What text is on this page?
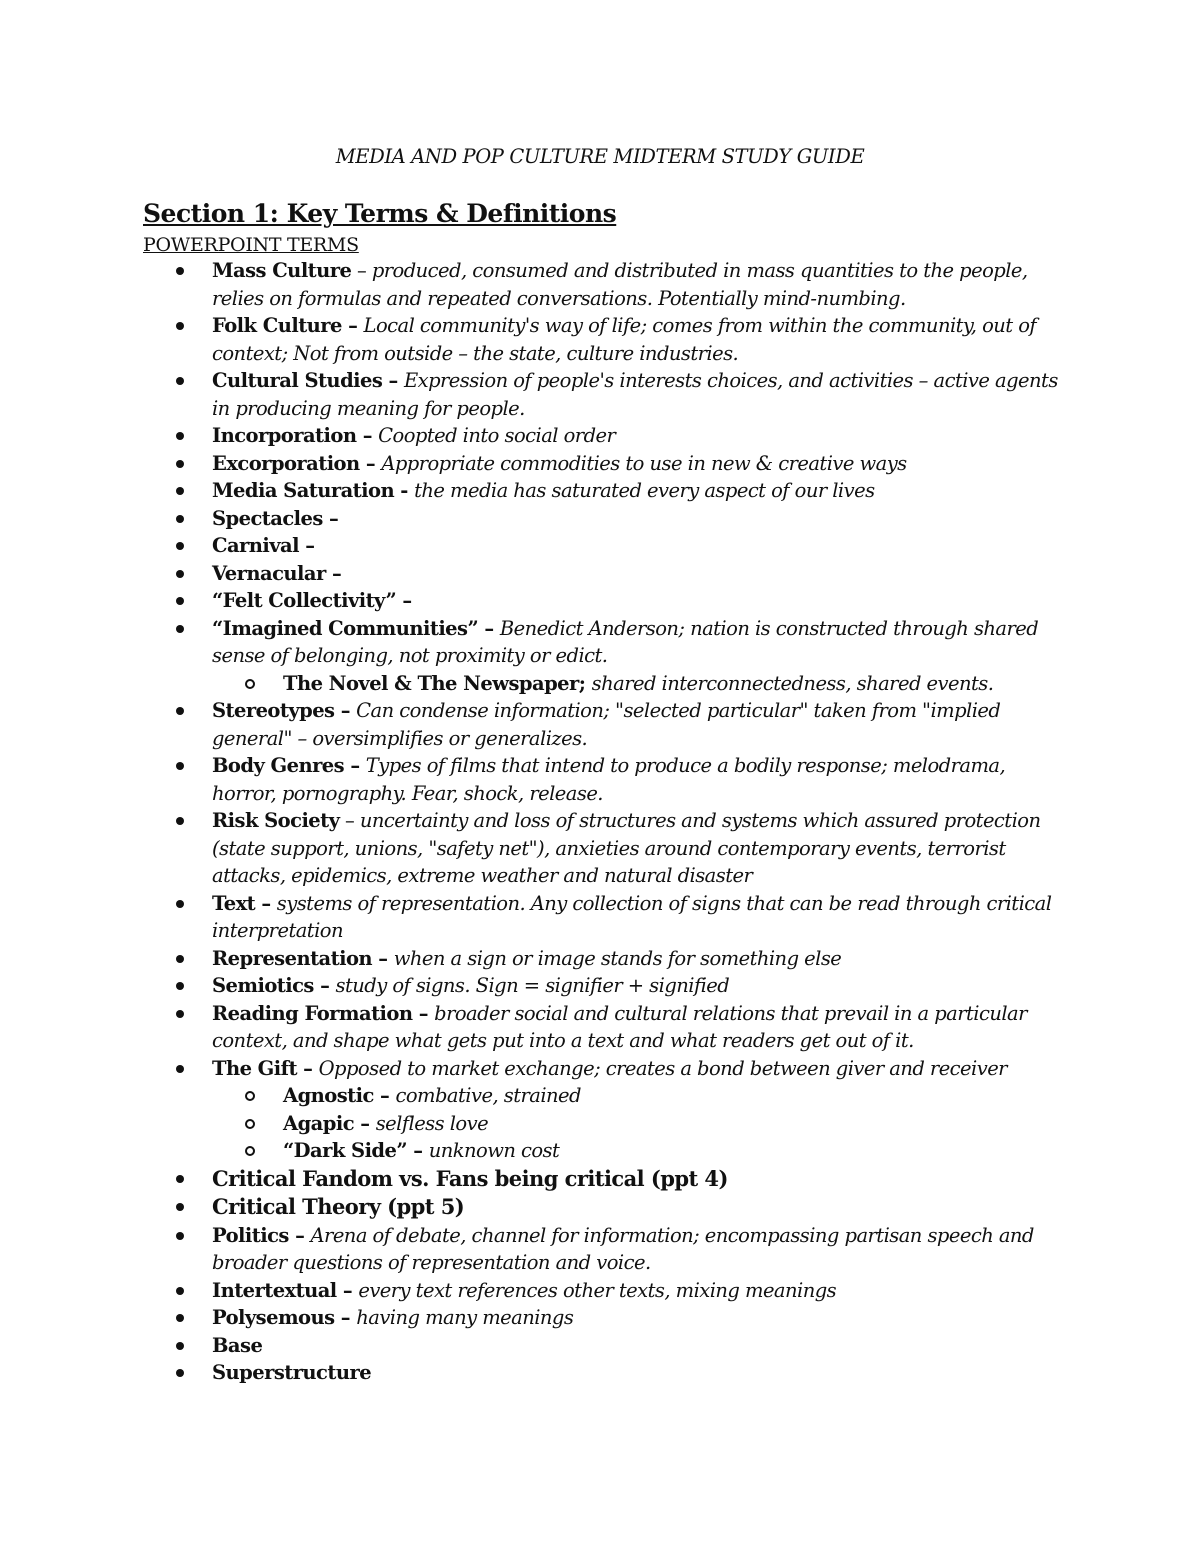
MEDIA AND POP CULTURE MIDTERM STUDY GUIDE
Section 1: Key Terms & Definitions
POWERPOINT TERMS
Mass Culture – produced, consumed and distributed in mass quantities to the people, relies on formulas and repeated conversations. Potentially mind-numbing.
Folk Culture – Local community's way of life; comes from within the community, out of context; Not from outside – the state, culture industries.
Cultural Studies – Expression of people's interests choices, and activities – active agents in producing meaning for people.
Incorporation – Coopted into social order
Excorporation – Appropriate commodities to use in new & creative ways
Media Saturation - the media has saturated every aspect of our lives
Spectacles –
Carnival –
Vernacular –
“Felt Collectivity” –
“Imagined Communities” – Benedict Anderson; nation is constructed through shared sense of belonging, not proximity or edict.
The Novel & The Newspaper; shared interconnectedness, shared events.
Stereotypes – Can condense information; "selected particular" taken from "implied general" – oversimplifies or generalizes.
Body Genres – Types of films that intend to produce a bodily response; melodrama, horror, pornography. Fear, shock, release.
Risk Society – uncertainty and loss of structures and systems which assured protection (state support, unions, "safety net"), anxieties around contemporary events, terrorist attacks, epidemics, extreme weather and natural disaster
Text – systems of representation. Any collection of signs that can be read through critical interpretation
Representation – when a sign or image stands for something else
Semiotics – study of signs. Sign = signifier + signified
Reading Formation – broader social and cultural relations that prevail in a particular context, and shape what gets put into a text and what readers get out of it.
The Gift – Opposed to market exchange; creates a bond between giver and receiver
Agnostic – combative, strained
Agapic – selfless love
“Dark Side” – unknown cost
Critical Fandom vs. Fans being critical (ppt 4)
Critical Theory (ppt 5)
Politics – Arena of debate, channel for information; encompassing partisan speech and broader questions of representation and voice.
Intertextual – every text references other texts, mixing meanings
Polysemous – having many meanings
Base
Superstructure
